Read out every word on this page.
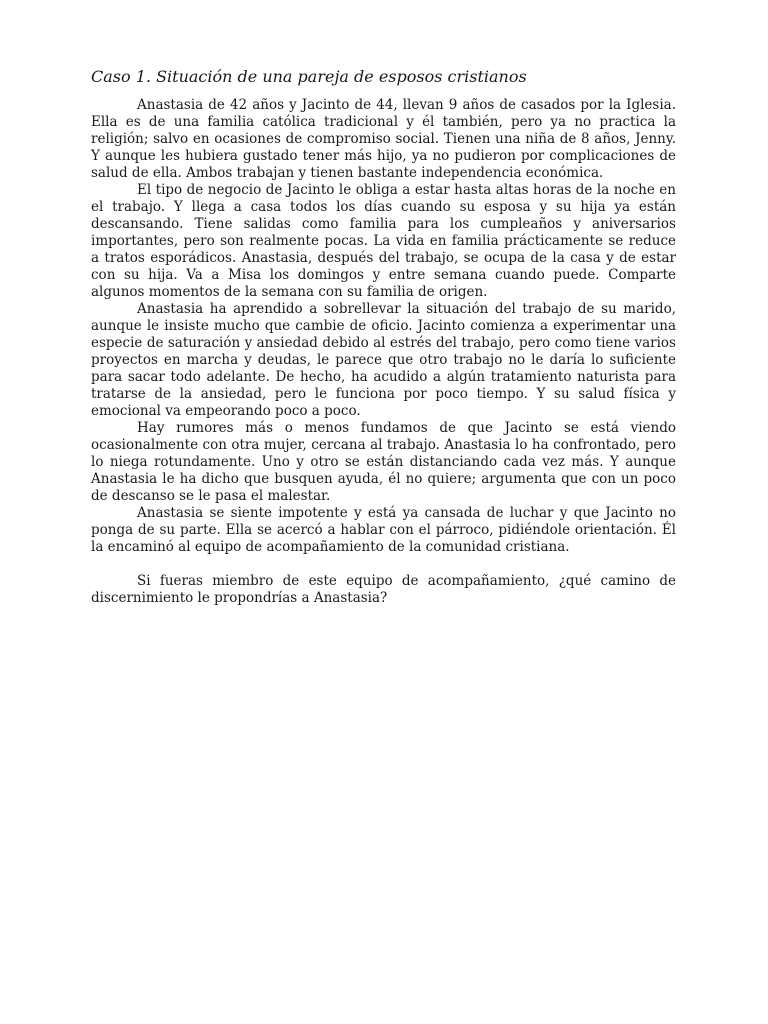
Caso 1. Situación de una pareja de esposos cristianos

Anastasia de 42 años y Jacinto de 44, llevan 9 años de casados por la Iglesia. Ella es de una familia católica tradicional y él también, pero ya no practica la religión; salvo en ocasiones de compromiso social. Tienen una niña de 8 años, Jenny. Y aunque les hubiera gustado tener más hijo, ya no pudieron por complicaciones de salud de ella. Ambos trabajan y tienen bastante independencia económica.

El tipo de negocio de Jacinto le obliga a estar hasta altas horas de la noche en el trabajo. Y llega a casa todos los días cuando su esposa y su hija ya están descansando. Tiene salidas como familia para los cumpleaños y aniversarios importantes, pero son realmente pocas. La vida en familia prácticamente se reduce a tratos esporádicos. Anastasia, después del trabajo, se ocupa de la casa y de estar con su hija. Va a Misa los domingos y entre semana cuando puede. Comparte algunos momentos de la semana con su familia de origen.

Anastasia ha aprendido a sobrellevar la situación del trabajo de su marido, aunque le insiste mucho que cambie de oficio. Jacinto comienza a experimentar una especie de saturación y ansiedad debido al estrés del trabajo, pero como tiene varios proyectos en marcha y deudas, le parece que otro trabajo no le daría lo suficiente para sacar todo adelante. De hecho, ha acudido a algún tratamiento naturista para tratarse de la ansiedad, pero le funciona por poco tiempo. Y su salud física y emocional va empeorando poco a poco.

Hay rumores más o menos fundamos de que Jacinto se está viendo ocasionalmente con otra mujer, cercana al trabajo. Anastasia lo ha confrontado, pero lo niega rotundamente. Uno y otro se están distanciando cada vez más. Y aunque Anastasia le ha dicho que busquen ayuda, él no quiere; argumenta que con un poco de descanso se le pasa el malestar.

Anastasia se siente impotente y está ya cansada de luchar y que Jacinto no ponga de su parte. Ella se acercó a hablar con el párroco, pidiéndole orientación. Él la encaminó al equipo de acompañamiento de la comunidad cristiana.

Si fueras miembro de este equipo de acompañamiento, ¿qué camino de discernimiento le propondrías a Anastasia?
